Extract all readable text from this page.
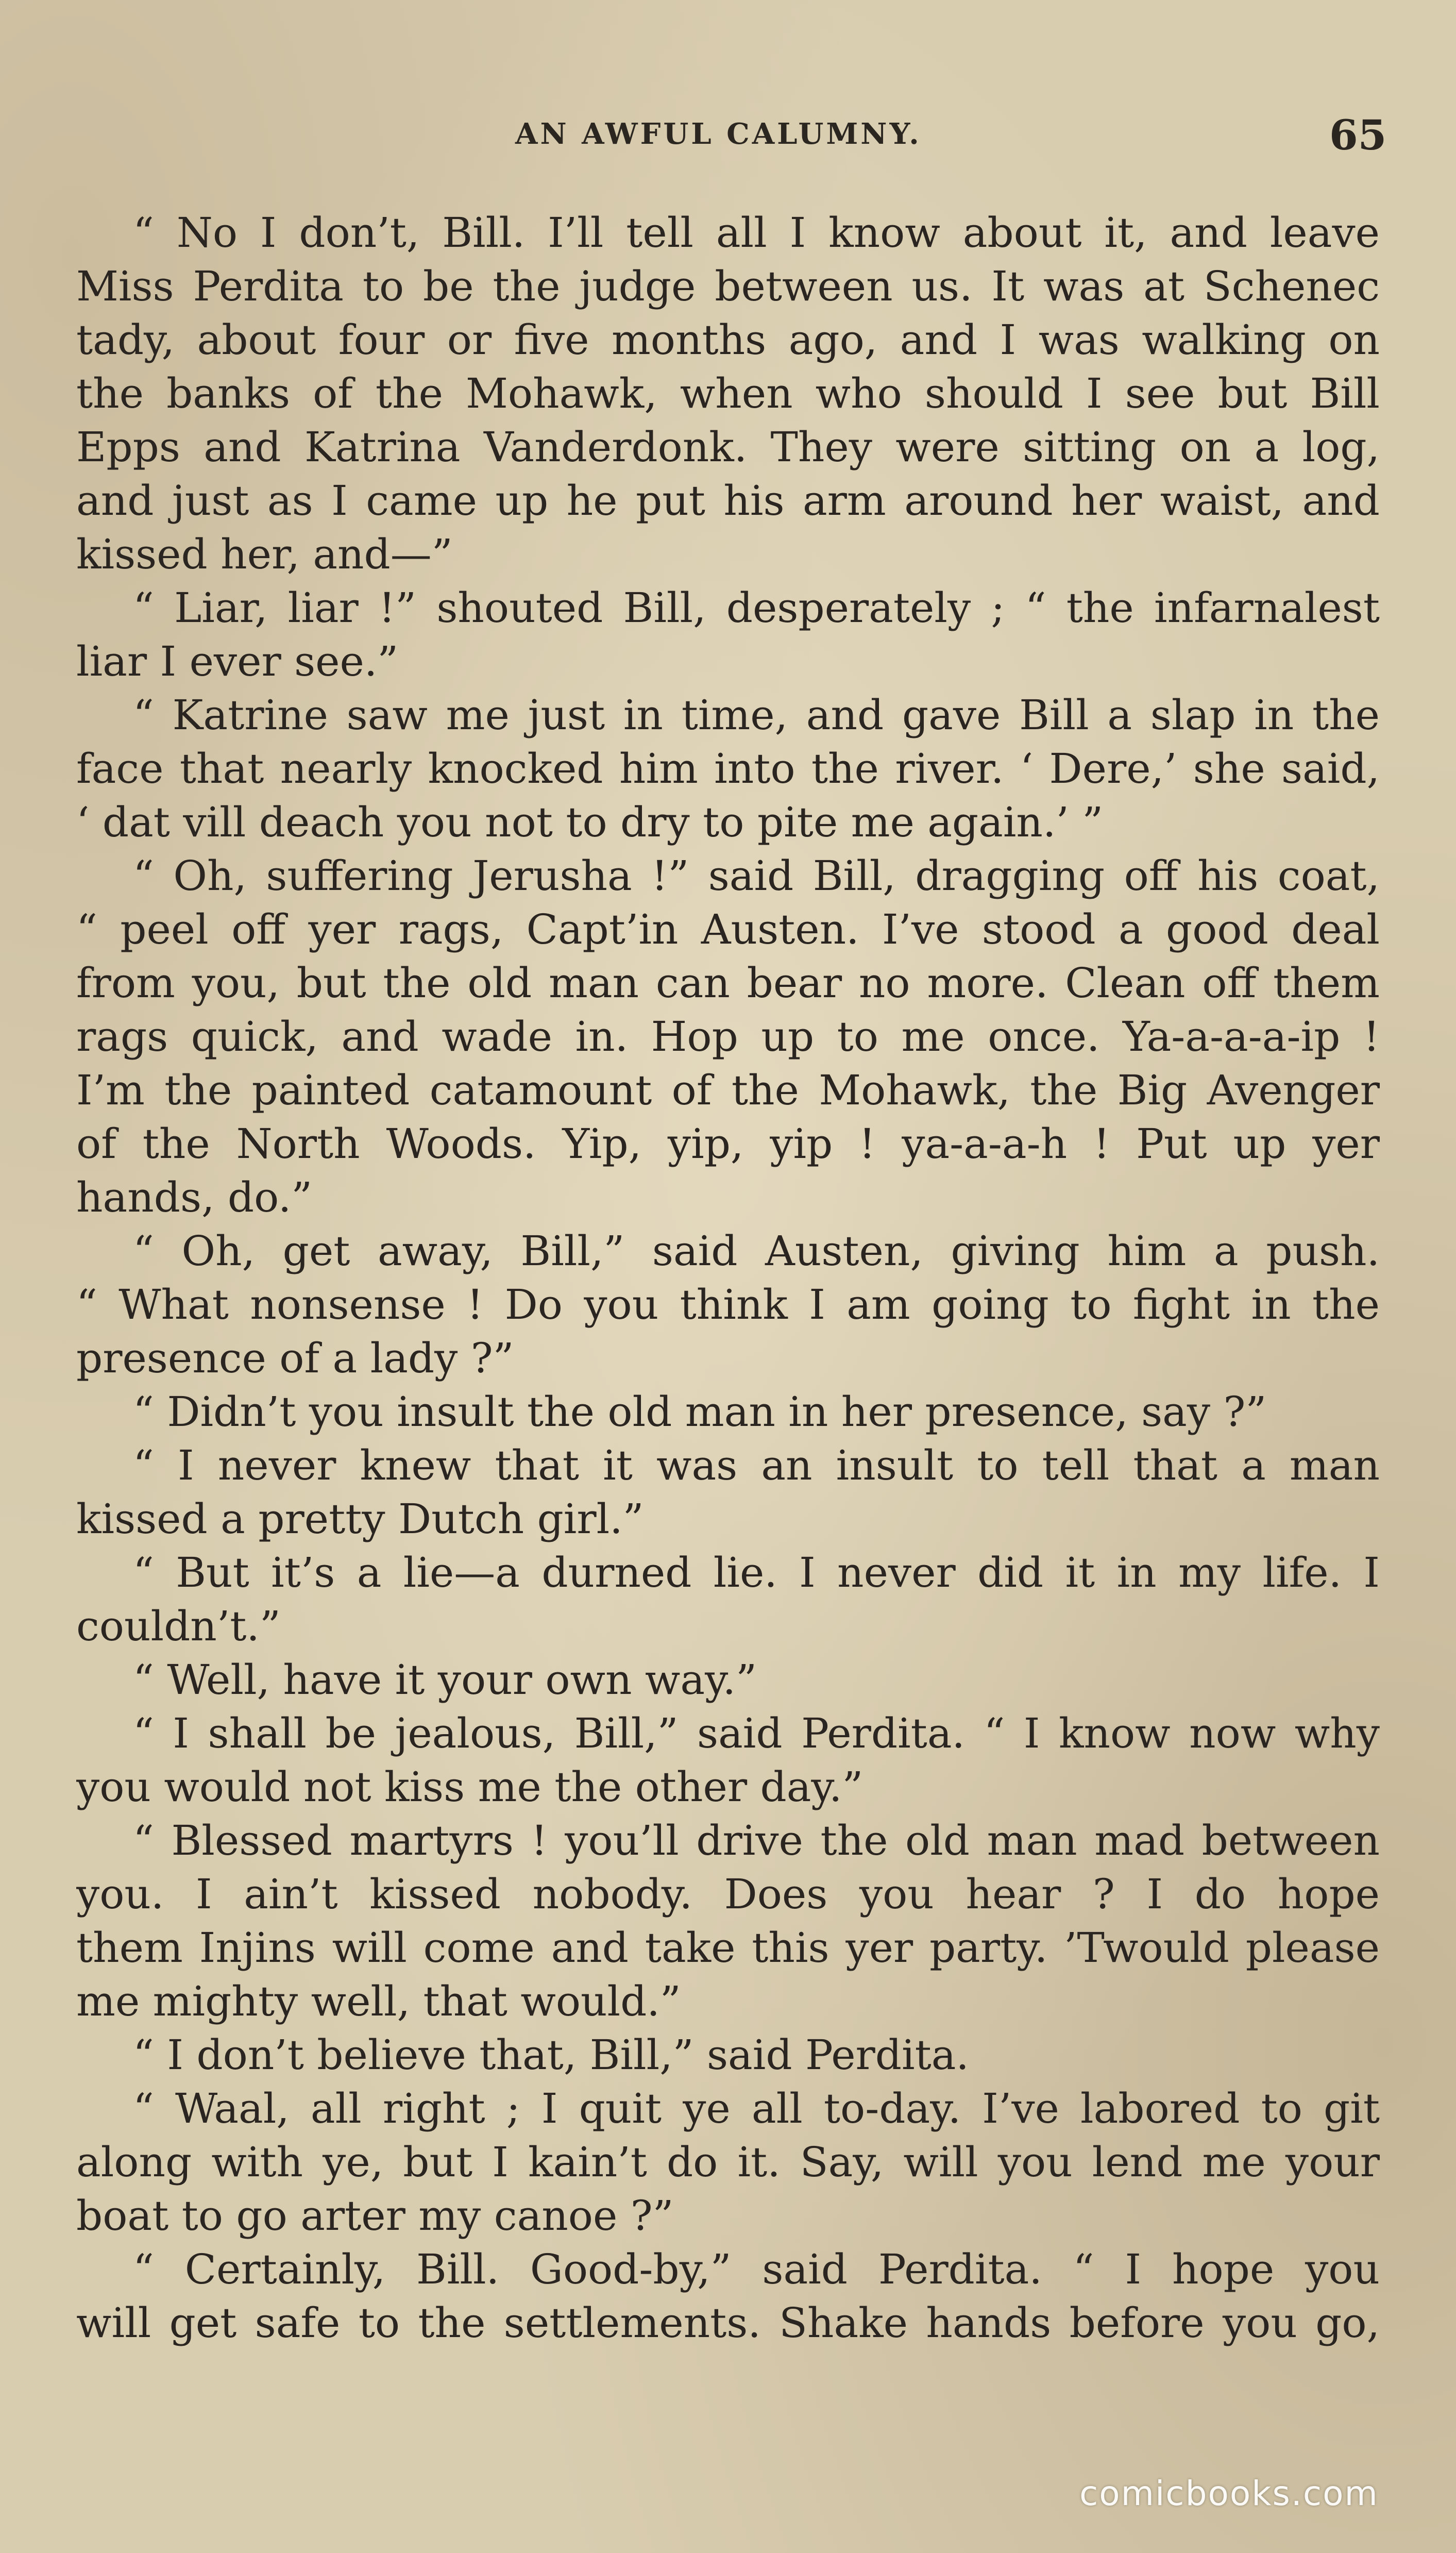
AN AWFUL CALUMNY.	65
“ No I don’t, Bill. I’ll tell all I know about it, and leave
Miss Perdita to be the judge between us. It was at Schenec
tady, about four or five months ago, and I was walking on
the banks of the Mohawk, when who should I see but Bill
Epps and Katrina Vanderdonk. They were sitting on a log,
and just as I came up he put his arm around her waist, and
kissed her, and—”
“ Liar, liar !” shouted Bill, desperately ; “ the infarnalest
liar I ever see.”
“ Katrine saw me just in time, and gave Bill a slap in the
face that nearly knocked him into the river. ‘ Dere,’ she said,
‘ dat vill deach you not to dry to pite me again.’ ”
“ Oh, suffering Jerusha !” said Bill, dragging off his coat,
“ peel off yer rags, Capt’in Austen. I’ve stood a good deal
from you, but the old man can bear no more. Clean off them
rags quick, and wade in. Hop up to me once. Ya-a-a-a-ip !
I’m the painted catamount of the Mohawk, the Big Avenger
of the North Woods. Yip, yip, yip ! ya-a-a-h ! Put up yer
hands, do.”
“ Oh, get away, Bill,” said Austen, giving him a push.
“ What nonsense ! Do you think I am going to fight in the
presence of a lady ?”
“ Didn’t you insult the old man in her presence, say ?”
“ I never knew that it was an insult to tell that a man
kissed a pretty Dutch girl.”
“ But it’s a lie—a durned lie. I never did it in my life. I
couldn’t.”
“ Well, have it your own way.”
“ I shall be jealous, Bill,” said Perdita. “ I know now why
you would not kiss me the other day.”
“ Blessed martyrs ! you’ll drive the old man mad between
you. I ain’t kissed nobody. Does you hear ? I do hope
them Injins will come and take this yer party. ’Twould please
me mighty well, that would.”
“ I don’t believe that, Bill,” said Perdita.
“ Waal, all right ; I quit ye all to-day. I’ve labored to git
along with ye, but I kain’t do it. Say, will you lend me your
boat to go arter my canoe ?”
“ Certainly, Bill. Good-by,” said Perdita. “ I hope you
will get safe to the settlements. Shake hands before you go,
comicbooks.com
